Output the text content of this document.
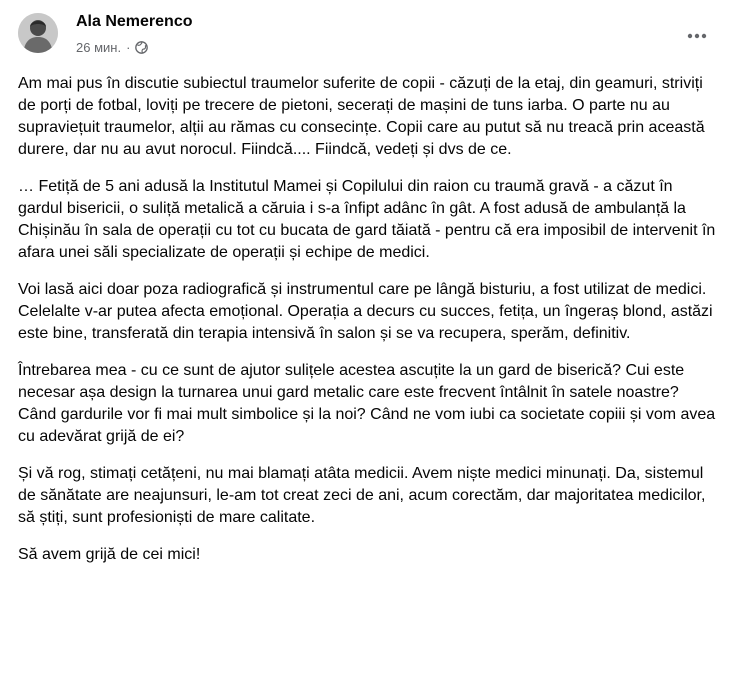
Ala Nemerenco
26 мин. ·

Am mai pus în discutie subiectul traumelor suferite de copii - căzuți de la etaj, din geamuri, striviți de porți de fotbal, loviți pe trecere de pietoni, secerați de mașini de tuns iarba. O parte nu au supraviețuit traumelor, alții au rămas cu consecințe. Copii care au putut să nu treacă prin această durere, dar nu au avut norocul. Fiindcă.... Fiindcă, vedeți și dvs de ce.

… Fetiță de 5 ani adusă la Institutul Mamei și Copilului din raion cu traumă gravă - a căzut în gardul bisericii, o suliță metalică a căruia i s-a înfipt adânc în gât. A fost adusă de ambulanță la Chișinău în sala de operații cu tot cu bucata de gard tăiată - pentru că era imposibil de intervenit în afara unei săli specializate de operații și echipe de medici.

Voi lasă aici doar poza radiografică și instrumentul care pe lângă bisturiu, a fost utilizat de medici. Celelalte v-ar putea afecta emoțional. Operația a decurs cu succes, fetița, un îngeraș blond, astăzi este bine, transferată din terapia intensivă în salon și se va recupera, sperăm, definitiv.

Întrebarea mea - cu ce sunt de ajutor sulițele acestea ascuțite la un gard de biserică? Cui este necesar așa design la turnarea unui gard metalic care este frecvent întâlnit în satele noastre? Când gardurile vor fi mai mult simbolice și la noi? Când ne vom iubi ca societate copiii și vom avea cu adevărat grijă de ei?

Și vă rog, stimați cetățeni, nu mai blamați atâta medicii. Avem niște medici minunați. Da, sistemul de sănătate are neajunsuri, le-am tot creat zeci de ani, acum corectăm, dar majoritatea medicilor, să știți, sunt profesioniști de mare calitate.

Să avem grijă de cei mici!
